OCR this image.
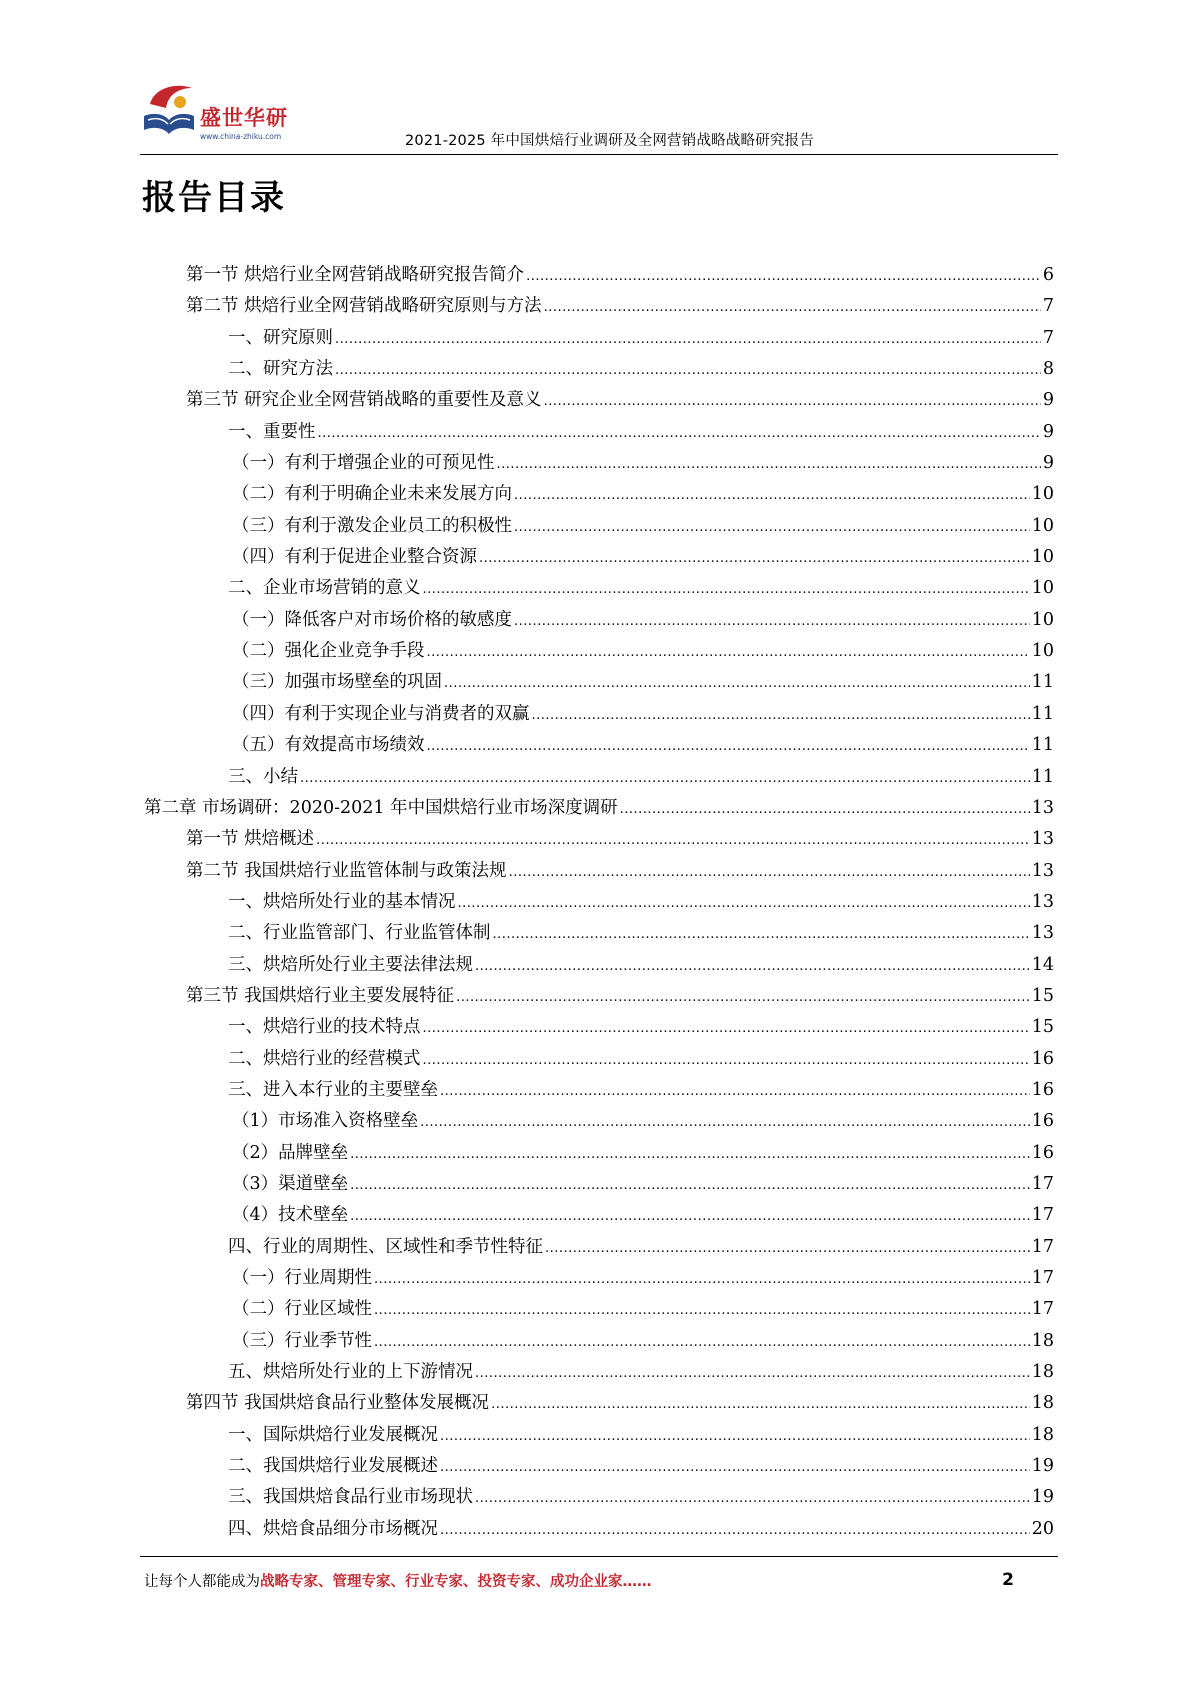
盛世华研
www.china-zhiku.com	2021-2025 年中国烘焙行业调研及全网营销战略战略研究报告
报告目录
第一节 烘焙行业全网营销战略研究报告简介 .....	6
第二节 烘焙行业全网营销战略研究原则与方法 .....	7
一、研究原则 .....	7
二、研究方法 .....	8
第三节 研究企业全网营销战略的重要性及意义 .....	9
一、重要性 .....	9
（一）有利于增强企业的可预见性 .....	9
（二）有利于明确企业未来发展方向 .....	10
（三）有利于激发企业员工的积极性 .....	10
（四）有利于促进企业整合资源 .....	10
二、企业市场营销的意义 .....	10
（一）降低客户对市场价格的敏感度 .....	10
（二）强化企业竞争手段 .....	10
（三）加强市场壁垒的巩固 .....	11
（四）有利于实现企业与消费者的双赢 .....	11
（五）有效提高市场绩效 .....	11
三、小结 .....	11
第二章 市场调研：2020-2021 年中国烘焙行业市场深度调研 .....	13
第一节 烘焙概述 .....	13
第二节 我国烘焙行业监管体制与政策法规 .....	13
一、烘焙所处行业的基本情况 .....	13
二、行业监管部门、行业监管体制 .....	13
三、烘焙所处行业主要法律法规 .....	14
第三节 我国烘焙行业主要发展特征 .....	15
一、烘焙行业的技术特点 .....	15
二、烘焙行业的经营模式 .....	16
三、进入本行业的主要壁垒 .....	16
（1）市场准入资格壁垒 .....	16
（2）品牌壁垒 .....	16
（3）渠道壁垒 .....	17
（4）技术壁垒 .....	17
四、行业的周期性、区域性和季节性特征 .....	17
（一）行业周期性 .....	17
（二）行业区域性 .....	17
（三）行业季节性 .....	18
五、烘焙所处行业的上下游情况 .....	18
第四节 我国烘焙食品行业整体发展概况 .....	18
一、国际烘焙行业发展概况 .....	18
二、我国烘焙行业发展概述 .....	19
三、我国烘焙食品行业市场现状 .....	19
四、烘焙食品细分市场概况 .....	20
让每个人都能成为战略专家、管理专家、行业专家、投资专家、成功企业家……	2
